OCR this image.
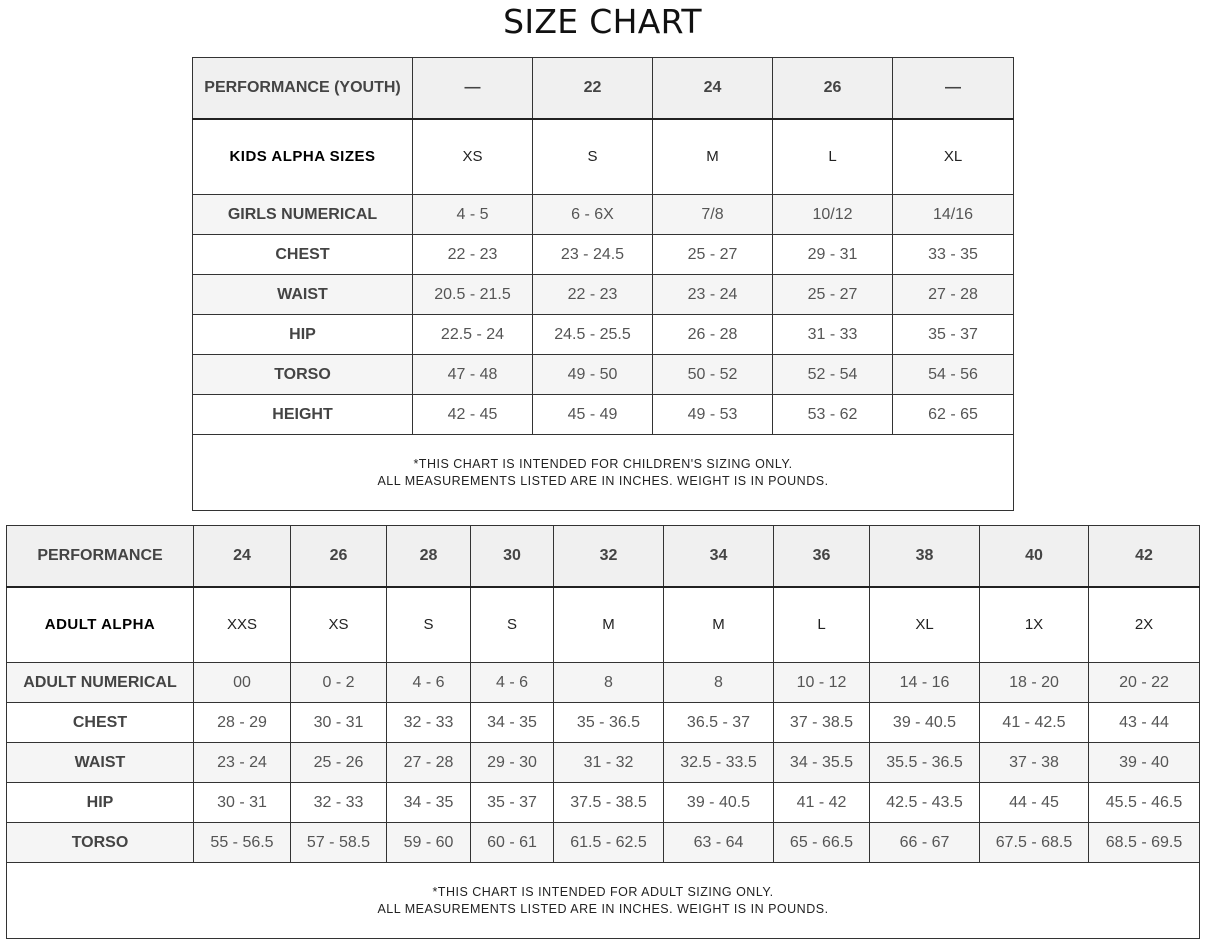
SIZE CHART
PERFORMANCE (YOUTH)	—	22	24	26	—
KIDS ALPHA SIZES	XS	S	M	L	XL
GIRLS NUMERICAL	4 - 5	6 - 6X	7/8	10/12	14/16
CHEST	22 - 23	23 - 24.5	25 - 27	29 - 31	33 - 35
WAIST	20.5 - 21.5	22 - 23	23 - 24	25 - 27	27 - 28
HIP	22.5 - 24	24.5 - 25.5	26 - 28	31 - 33	35 - 37
TORSO	47 - 48	49 - 50	50 - 52	52 - 54	54 - 56
HEIGHT	42 - 45	45 - 49	49 - 53	53 - 62	62 - 65

*THIS CHART IS INTENDED FOR CHILDREN'S SIZING ONLY.
ALL MEASUREMENTS LISTED ARE IN INCHES. WEIGHT IS IN POUNDS.					
PERFORMANCE	24	26	28	30	32	34	36	38	40	42
ADULT ALPHA	XXS	XS	S	S	M	M	L	XL	1X	2X
ADULT NUMERICAL	00	0 - 2	4 - 6	4 - 6	8	8	10 - 12	14 - 16	18 - 20	20 - 22
CHEST	28 - 29	30 - 31	32 - 33	34 - 35	35 - 36.5	36.5 - 37	37 - 38.5	39 - 40.5	41 - 42.5	43 - 44
WAIST	23 - 24	25 - 26	27 - 28	29 - 30	31 - 32	32.5 - 33.5	34 - 35.5	35.5 - 36.5	37 - 38	39 - 40
HIP	30 - 31	32 - 33	34 - 35	35 - 37	37.5 - 38.5	39 - 40.5	41 - 42	42.5 - 43.5	44 - 45	45.5 - 46.5
TORSO	55 - 56.5	57 - 58.5	59 - 60	60 - 61	61.5 - 62.5	63 - 64	65 - 66.5	66 - 67	67.5 - 68.5	68.5 - 69.5

*THIS CHART IS INTENDED FOR ADULT SIZING ONLY.
ALL MEASUREMENTS LISTED ARE IN INCHES. WEIGHT IS IN POUNDS.										
